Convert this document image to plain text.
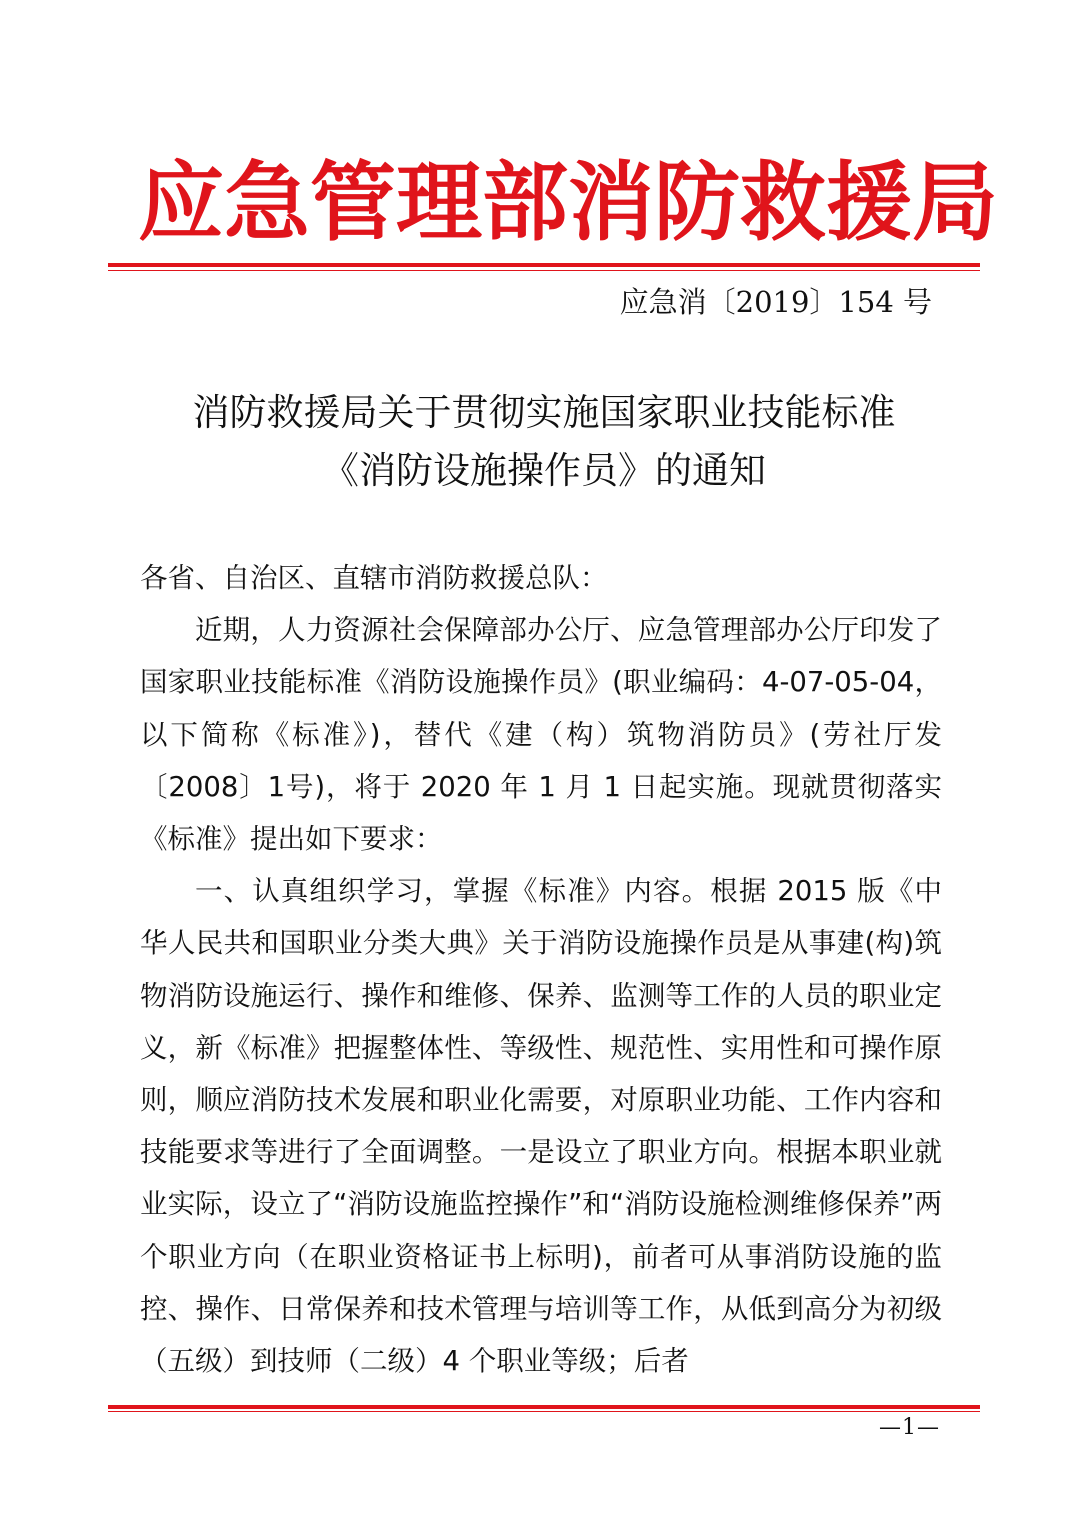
应 急 管 理 部 消 防 救 援 局
应急消〔2019〕154 号
消防救援局关于贯彻实施国家职业技能标准
《消防设施操作员》的通知

各省、自治区、直辖市消防救援总队：

近期，人力资源社会保障部办公厅、应急管理部办公厅印发了国家职业技能标准《消防设施操作员》(职业编码：4-07-05-04，以下简称《标准》)，替代《建（构）筑物消防员》(劳社厅发〔2008〕1号)，将于 2020 年 1 月 1 日起实施。现就贯彻落实《标准》提出如下要求：

一、认真组织学习，掌握《标准》内容。根据 2015 版《中华人民共和国职业分类大典》关于消防设施操作员是从事建(构)筑物消防设施运行、操作和维修、保养、监测等工作的人员的职业定义，新《标准》把握整体性、等级性、规范性、实用性和可操作原则，顺应消防技术发展和职业化需要，对原职业功能、工作内容和技能要求等进行了全面调整。一是设立了职业方向。根据本职业就业实际，设立了“消防设施监控操作”和“消防设施检测维修保养”两个职业方向（在职业资格证书上标明)，前者可从事消防设施的监控、操作、日常保养和技术管理与培训等工作，从低到高分为初级（五级）到技师（二级）4 个职业等级；后者

—1—
